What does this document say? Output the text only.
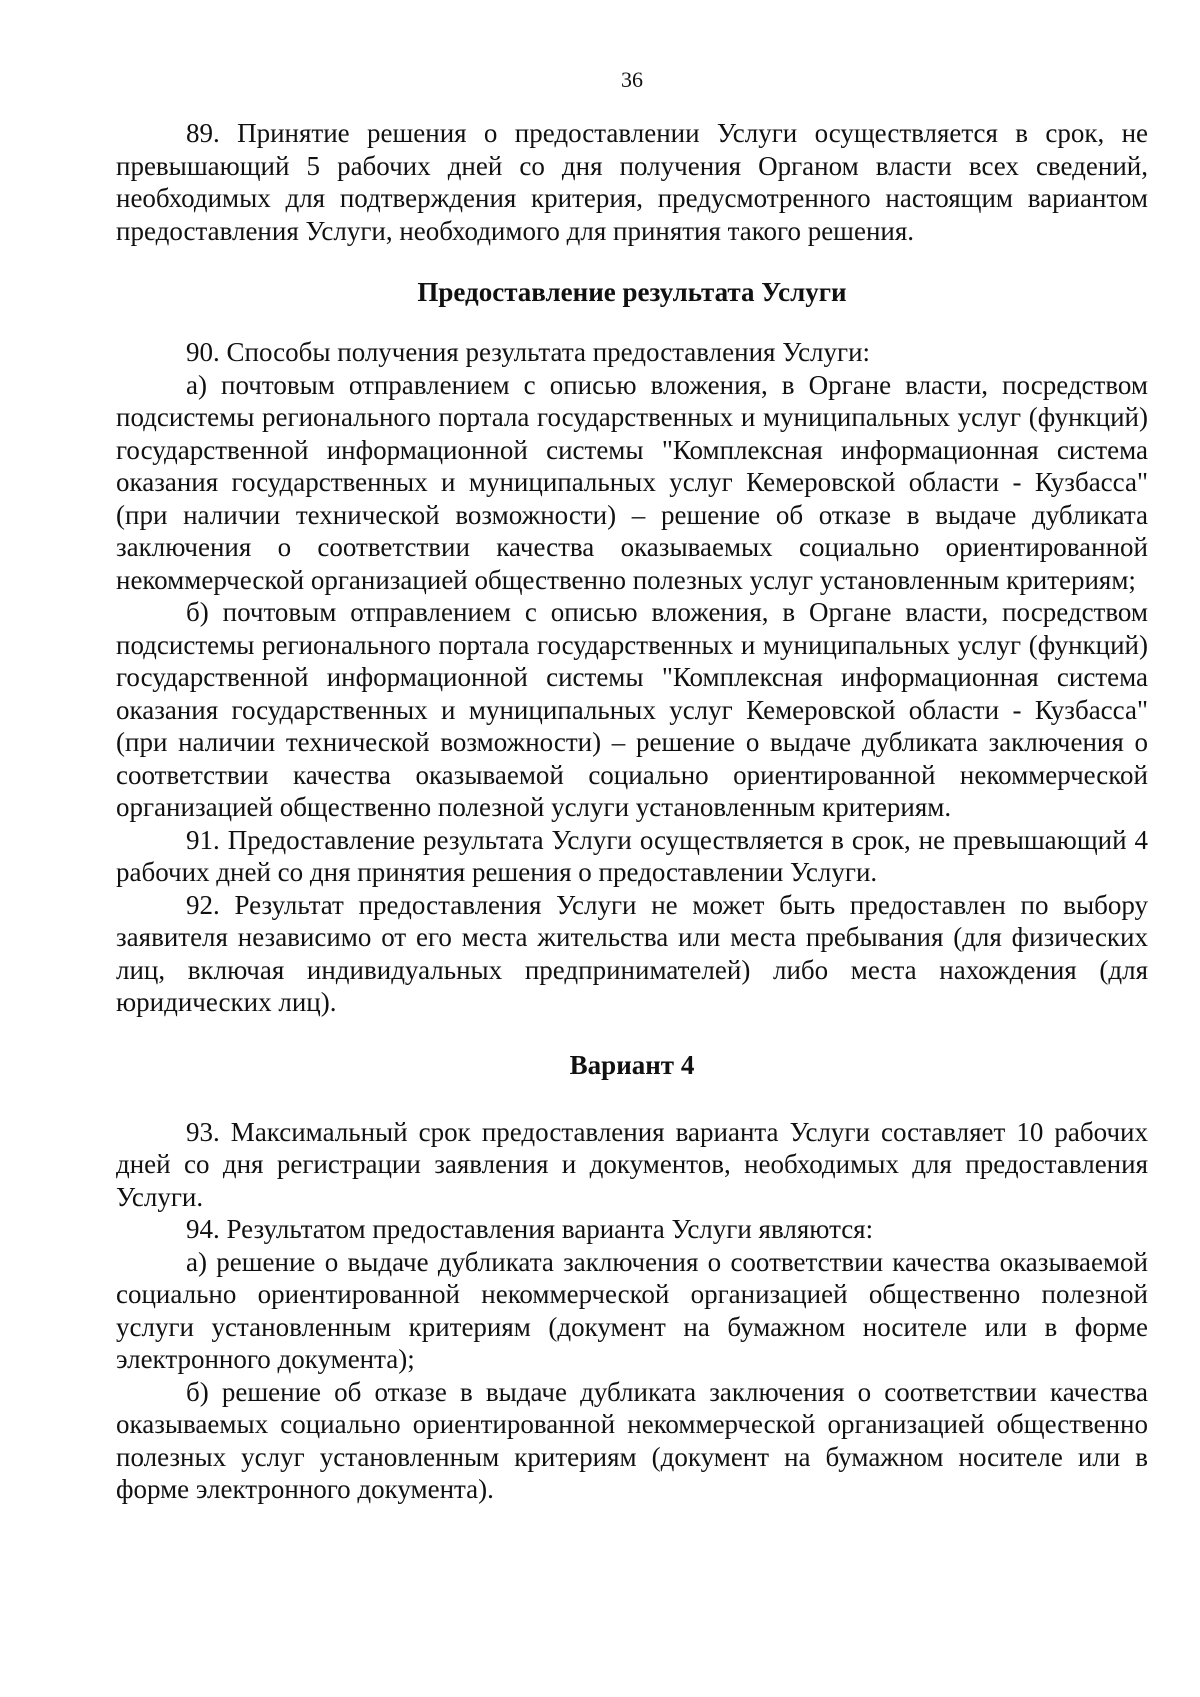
36

89. Принятие решения о предоставлении Услуги осуществляется в срок, не превышающий 5 рабочих дней со дня получения Органом власти всех сведений, необходимых для подтверждения критерия, предусмотренного настоящим вариантом предоставления Услуги, необходимого для принятия такого решения.

Предоставление результата Услуги

90. Способы получения результата предоставления Услуги:

а) почтовым отправлением с описью вложения, в Органе власти, посредством подсистемы регионального портала государственных и муниципальных услуг (функций) государственной информационной системы "Комплексная информационная система оказания государственных и муниципальных услуг Кемеровской области - Кузбасса" (при наличии технической возможности) – решение об отказе в выдаче дубликата заключения о соответствии качества оказываемых социально ориентированной некоммерческой организацией общественно полезных услуг установленным критериям;

б) почтовым отправлением с описью вложения, в Органе власти, посредством подсистемы регионального портала государственных и муниципальных услуг (функций) государственной информационной системы "Комплексная информационная система оказания государственных и муниципальных услуг Кемеровской области - Кузбасса" (при наличии технической возможности) – решение о выдаче дубликата заключения о соответствии качества оказываемой социально ориентированной некоммерческой организацией общественно полезной услуги установленным критериям.

91. Предоставление результата Услуги осуществляется в срок, не превышающий 4 рабочих дней со дня принятия решения о предоставлении Услуги.

92. Результат предоставления Услуги не может быть предоставлен по выбору заявителя независимо от его места жительства или места пребывания (для физических лиц, включая индивидуальных предпринимателей) либо места нахождения (для юридических лиц).

Вариант 4

93. Максимальный срок предоставления варианта Услуги составляет 10 рабочих дней со дня регистрации заявления и документов, необходимых для предоставления Услуги.

94. Результатом предоставления варианта Услуги являются:

а) решение о выдаче дубликата заключения о соответствии качества оказываемой социально ориентированной некоммерческой организацией общественно полезной услуги установленным критериям (документ на бумажном носителе или в форме электронного документа);

б) решение об отказе в выдаче дубликата заключения о соответствии качества оказываемых социально ориентированной некоммерческой организацией общественно полезных услуг установленным критериям (документ на бумажном носителе или в форме электронного документа).
